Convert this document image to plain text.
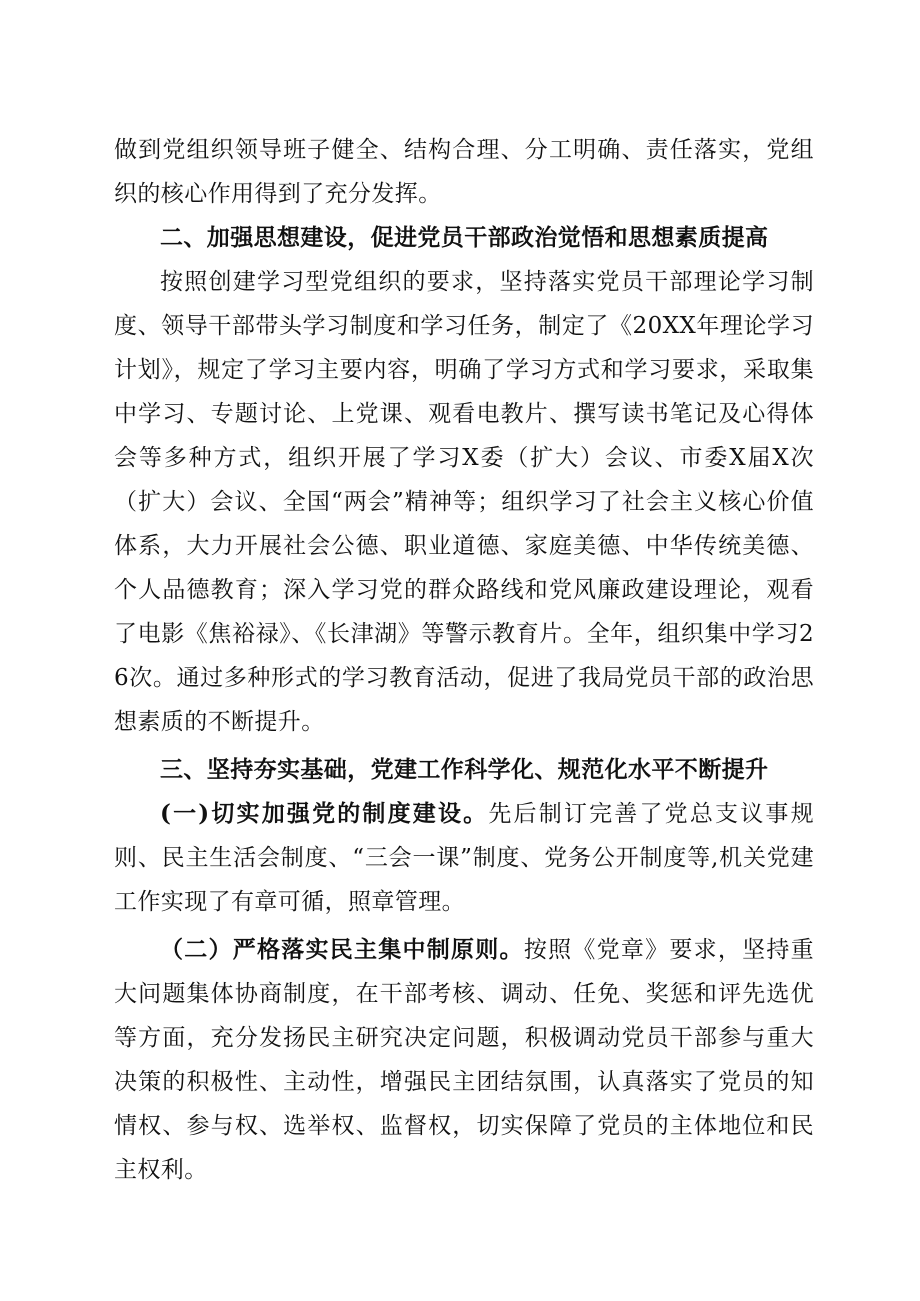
做到党组织领导班子健全、结构合理、分工明确、责任落实，党组织的核心作用得到了充分发挥。

二、加强思想建设，促进党员干部政治觉悟和思想素质提高

按照创建学习型党组织的要求，坚持落实党员干部理论学习制度、领导干部带头学习制度和学习任务，制定了《20XX年理论学习计划》，规定了学习主要内容，明确了学习方式和学习要求，采取集中学习、专题讨论、上党课、观看电教片、撰写读书笔记及心得体会等多种方式，组织开展了学习X委（扩大）会议、市委X届X次（扩大）会议、全国“两会”精神等；组织学习了社会主义核心价值体系，大力开展社会公德、职业道德、家庭美德、中华传统美德、个人品德教育；深入学习党的群众路线和党风廉政建设理论，观看了电影《焦裕禄》、《长津湖》等警示教育片。全年，组织集中学习26次。通过多种形式的学习教育活动，促进了我局党员干部的政治思想素质的不断提升。

三、坚持夯实基础，党建工作科学化、规范化水平不断提升

(一)切实加强党的制度建设。先后制订完善了党总支议事规则、民主生活会制度、“三会一课”制度、党务公开制度等,机关党建工作实现了有章可循，照章管理。

（二）严格落实民主集中制原则。按照《党章》要求，坚持重大问题集体协商制度，在干部考核、调动、任免、奖惩和评先选优等方面，充分发扬民主研究决定问题，积极调动党员干部参与重大决策的积极性、主动性，增强民主团结氛围，认真落实了党员的知情权、参与权、选举权、监督权，切实保障了党员的主体地位和民主权利。
